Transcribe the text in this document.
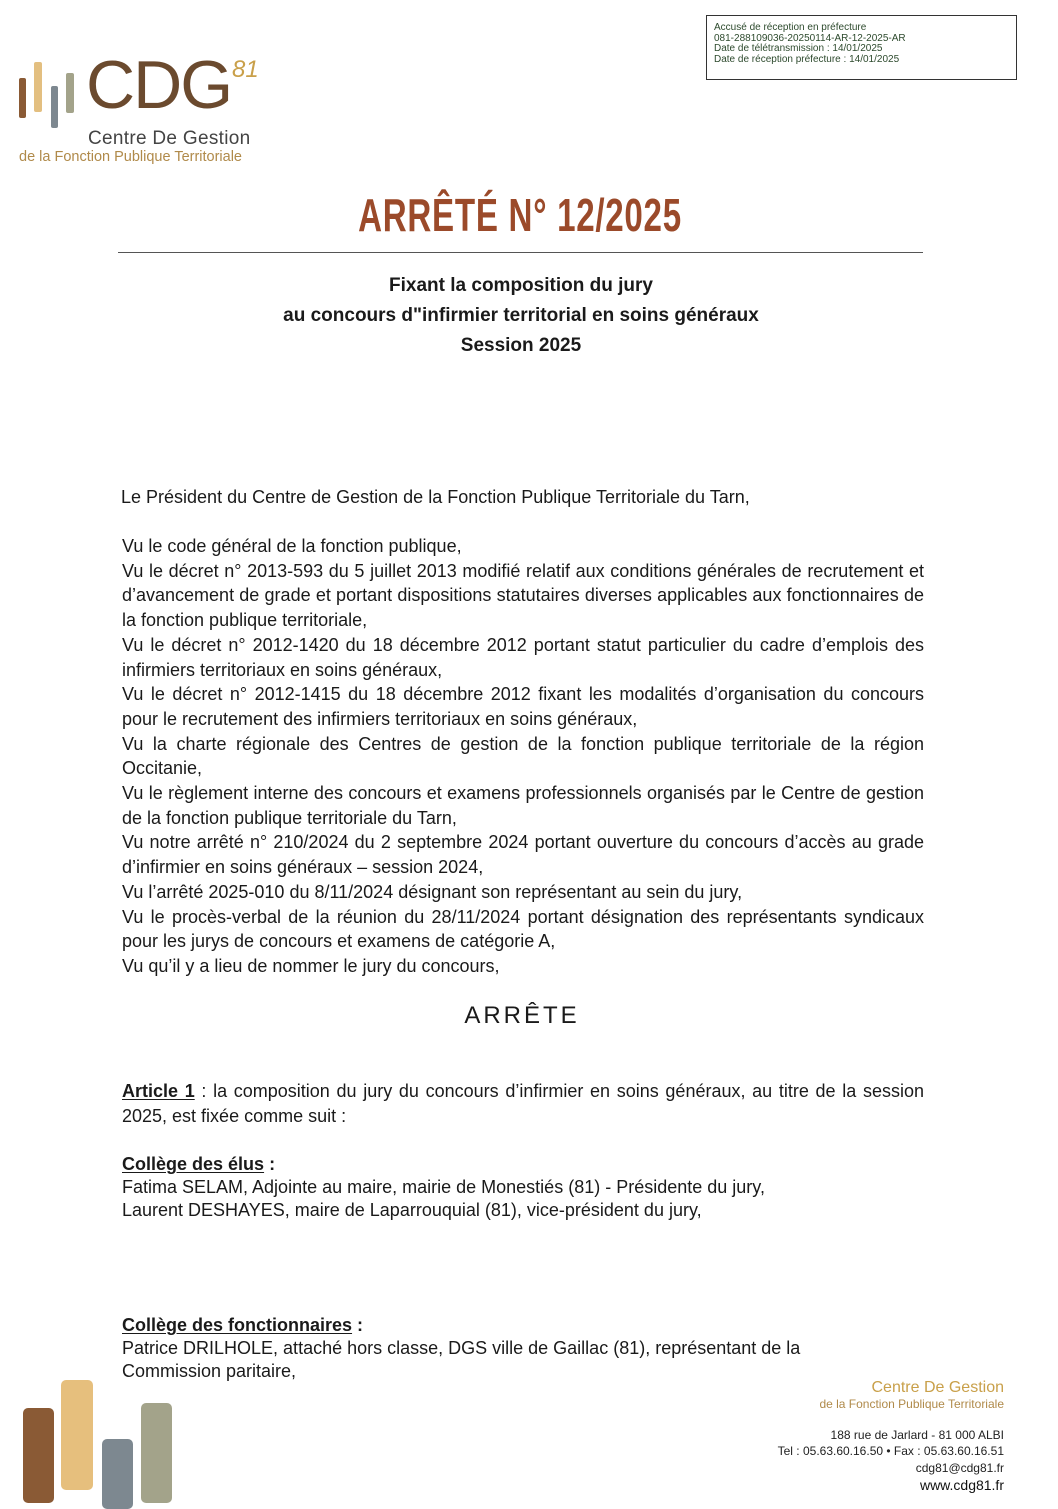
Accusé de réception en préfecture
081-288109036-20250114-AR-12-2025-AR
Date de télétransmission : 14/01/2025
Date de réception préfecture : 14/01/2025
CDG 81
Centre De Gestion
de la Fonction Publique Territoriale
ARRÊTÉ N° 12/2025
Fixant la composition du jury
au concours d"infirmier territorial en soins généraux
Session 2025
Le Président du Centre de Gestion de la Fonction Publique Territoriale du Tarn,

Vu le code général de la fonction publique,

Vu le décret n° 2013-593 du 5 juillet 2013 modifié relatif aux conditions générales de recrutement et d’avancement de grade et portant dispositions statutaires diverses applicables aux fonctionnaires de la fonction publique territoriale,

Vu le décret n° 2012-1420 du 18 décembre 2012 portant statut particulier du cadre d’emplois des infirmiers territoriaux en soins généraux,

Vu le décret n° 2012-1415 du 18 décembre 2012 fixant les modalités d’organisation du concours pour le recrutement des infirmiers territoriaux en soins généraux,

Vu la charte régionale des Centres de gestion de la fonction publique territoriale de la région Occitanie,

Vu le règlement interne des concours et examens professionnels organisés par le Centre de gestion de la fonction publique territoriale du Tarn,

Vu notre arrêté n° 210/2024 du 2 septembre 2024 portant ouverture du concours d’accès au grade d’infirmier en soins généraux – session 2024,

Vu l’arrêté 2025-010 du 8/11/2024 désignant son représentant au sein du jury,

Vu le procès-verbal de la réunion du 28/11/2024 portant désignation des représentants syndicaux pour les jurys de concours et examens de catégorie A,

Vu qu’il y a lieu de nommer le jury du concours,

ARRÊTE
Article 1 : la composition du jury du concours d’infirmier en soins généraux, au titre de la session 2025, est fixée comme suit :

Collège des élus :

Fatima SELAM, Adjointe au maire, mairie de Monestiés (81) - Présidente du jury,

Laurent DESHAYES, maire de Laparrouquial (81), vice-président du jury,

Collège des fonctionnaires :

Patrice DRILHOLE, attaché hors classe, DGS ville de Gaillac (81), représentant de la Commission paritaire,

Centre De Gestion
de la Fonction Publique Territoriale
188 rue de Jarlard - 81 000 ALBI
Tel : 05.63.60.16.50 • Fax : 05.63.60.16.51
cdg81@cdg81.fr
www.cdg81.fr
